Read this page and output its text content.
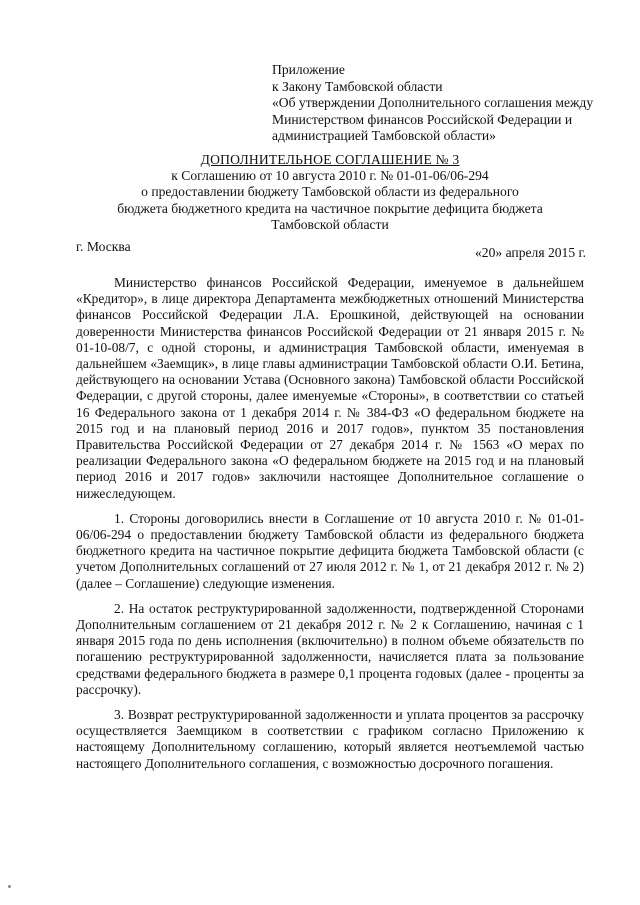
Приложение
к Закону Тамбовской области
«Об утверждении Дополнительного соглашения между
Министерством финансов Российской Федерации и
администрацией Тамбовской области»
ДОПОЛНИТЕЛЬНОЕ СОГЛАШЕНИЕ № 3
к Соглашению от 10 августа 2010 г. № 01-01-06/06-294
о предоставлении бюджету Тамбовской области из федерального
бюджета бюджетного кредита на частичное покрытие дефицита бюджета
Тамбовской области
г. Москва	«20» апреля 2015 г.

Министерство финансов Российской Федерации, именуемое в дальнейшем «Кредитор», в лице директора Департамента межбюджетных отношений Министерства финансов Российской Федерации Л.А. Ерошкиной, действующей на основании доверенности Министерства финансов Российской Федерации от 21 января 2015 г. № 01-10-08/7, с одной стороны, и администрация Тамбовской области, именуемая в дальнейшем «Заемщик», в лице главы администрации Тамбовской области О.И. Бетина, действующего на основании Устава (Основного закона) Тамбовской области Российской Федерации, с другой стороны, далее именуемые «Стороны», в соответствии со статьей 16 Федерального закона от 1 декабря 2014 г. № 384-ФЗ «О федеральном бюджете на 2015 год и на плановый период 2016 и 2017 годов», пунктом 35 постановления Правительства Российской Федерации от 27 декабря 2014 г. № 1563 «О мерах по реализации Федерального закона «О федеральном бюджете на 2015 год и на плановый период 2016 и 2017 годов» заключили настоящее Дополнительное соглашение о нижеследующем.

1. Стороны договорились внести в Соглашение от 10 августа 2010 г. № 01-01-06/06-294 о предоставлении бюджету Тамбовской области из федерального бюджета бюджетного кредита на частичное покрытие дефицита бюджета Тамбовской области (с учетом Дополнительных соглашений от 27 июля 2012 г. № 1, от 21 декабря 2012 г. № 2) (далее – Соглашение) следующие изменения.

2. На остаток реструктурированной задолженности, подтвержденной Сторонами Дополнительным соглашением от 21 декабря 2012 г. № 2 к Соглашению, начиная с 1 января 2015 года по день исполнения (включительно) в полном объеме обязательств по погашению реструктурированной задолженности, начисляется плата за пользование средствами федерального бюджета в размере 0,1 процента годовых (далее - проценты за рассрочку).

3. Возврат реструктурированной задолженности и уплата процентов за рассрочку осуществляется Заемщиком в соответствии с графиком согласно Приложению к настоящему Дополнительному соглашению, который является неотъемлемой частью настоящего Дополнительного соглашения, с возможностью досрочного погашения.
